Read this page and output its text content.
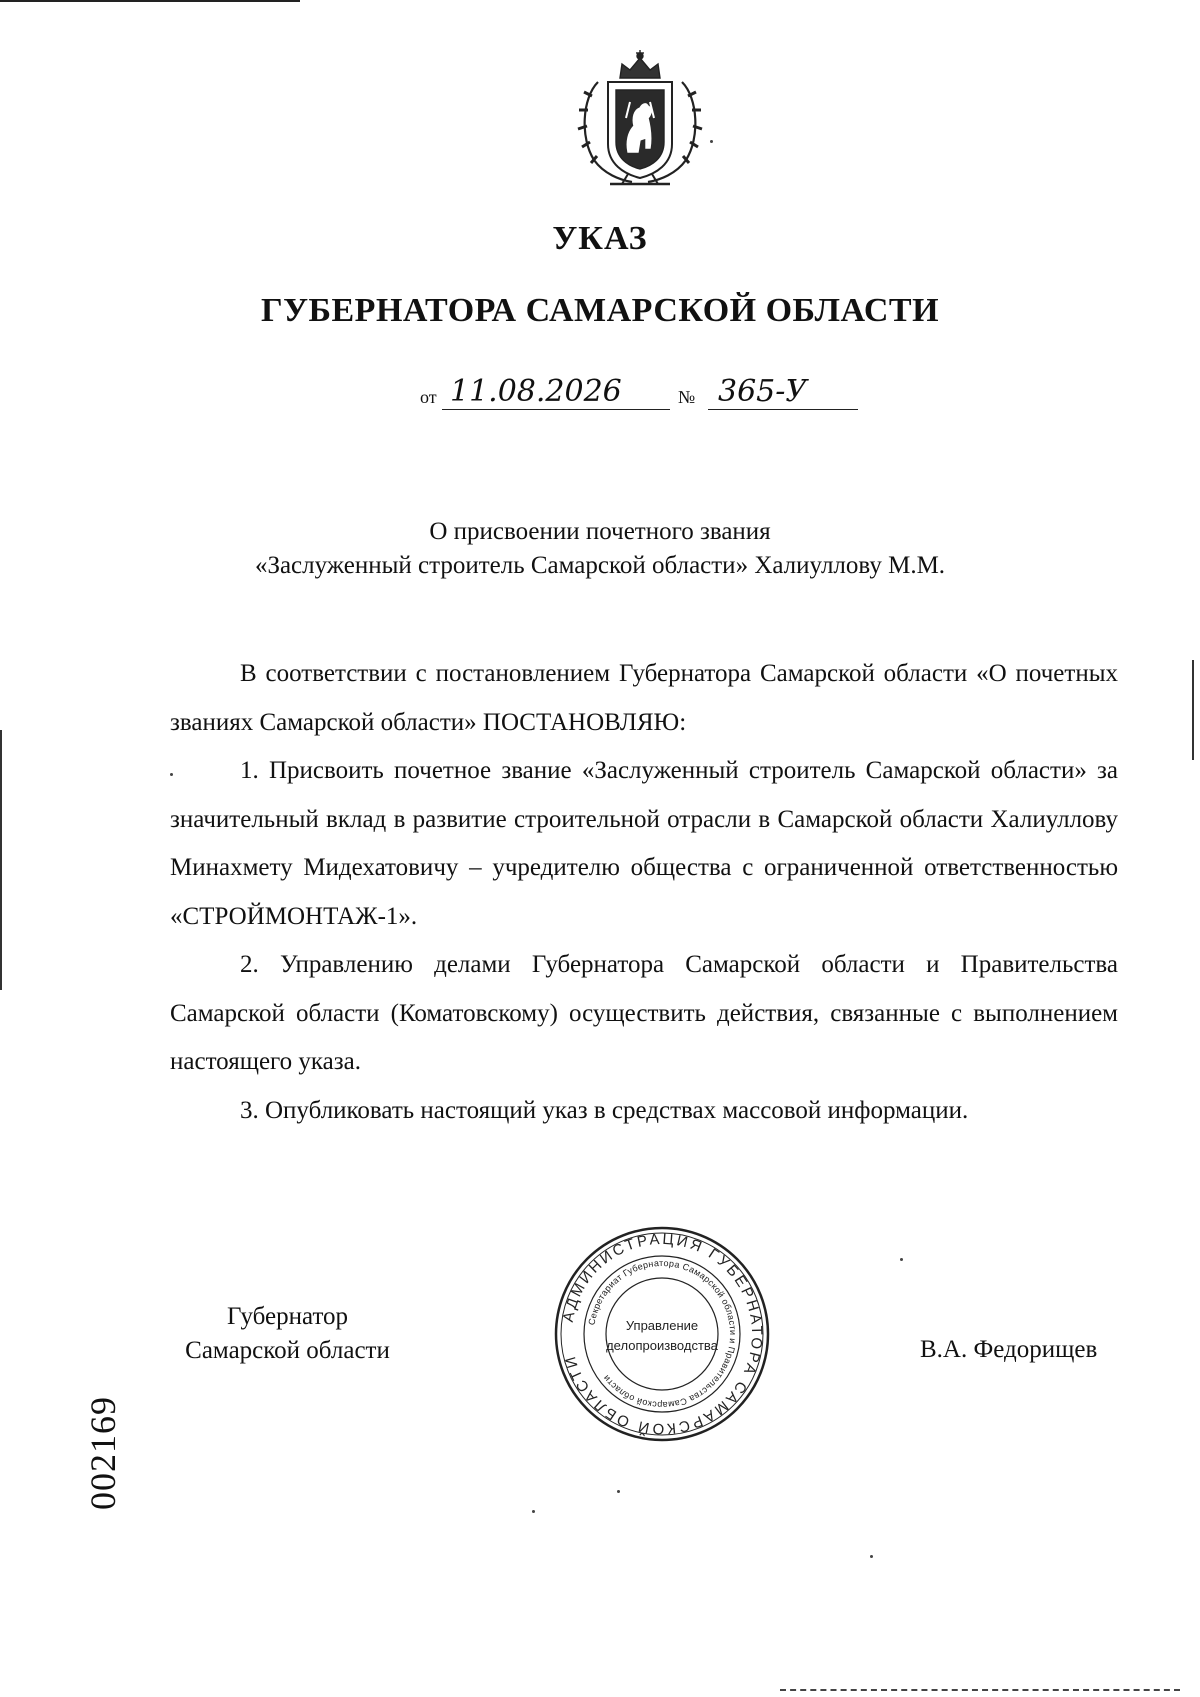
УКАЗ
ГУБЕРНАТОРА САМАРСКОЙ ОБЛАСТИ
от 11.08.2026	№ 365-У
О присвоении почетного звания
«Заслуженный строитель Самарской области» Халиуллову М.М.

В соответствии с постановлением Губернатора Самарской области «О почетных званиях Самарской области» ПОСТАНОВЛЯЮ:

1. Присвоить почетное звание «Заслуженный строитель Самарской области» за значительный вклад в развитие строительной отрасли в Самарской области Халиуллову Минахмету Мидехатовичу – учредителю общества с ограниченной ответственностью «СТРОЙМОНТАЖ-1».

2. Управлению делами Губернатора Самарской области и Правительства Самарской области (Коматовскому) осуществить действия, связанные с выполнением настоящего указа.

3. Опубликовать настоящий указ в средствах массовой информации.

Губернатор
Самарской области
АДМИНИСТРАЦИЯ ГУБЕРНАТОРА САМАРСКОЙ ОБЛАСТИ
Секретариат Губернатора Самарской области и Правительства Самарской области
Управление
делопроизводства	В.А. Федорищев
002169
